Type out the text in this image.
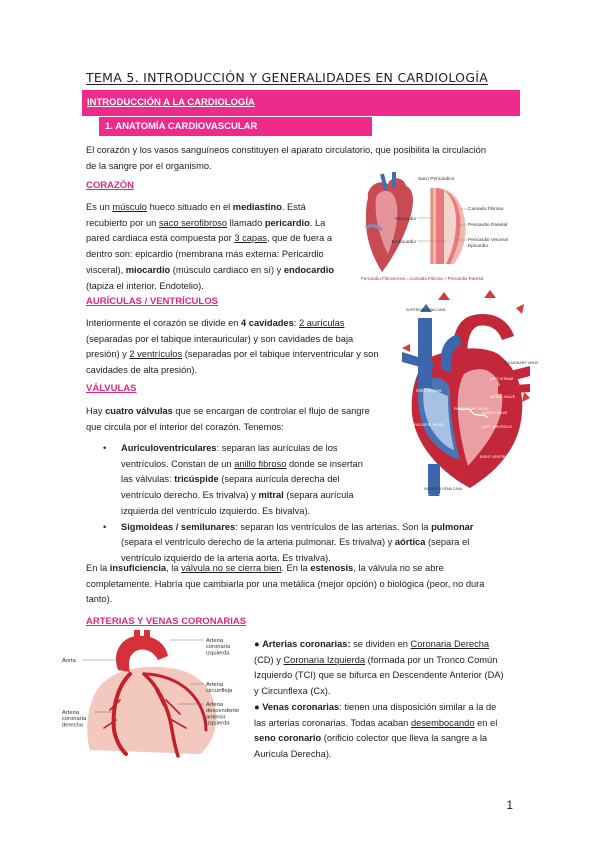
TEMA 5. INTRODUCCIÓN Y GENERALIDADES EN CARDIOLOGÍA
INTRODUCCIÓN A LA CARDIOLOGÍA
1. ANATOMÍA CARDIOVASCULAR
El corazón y los vasos sanguíneos constituyen el aparato circulatorio, que posibilita la circulación
de la sangre por el organismo.
CORAZÓN
Es un músculo hueco situado en el mediastino. Está
recubierto por un saco serofibroso llamado pericardio. La
pared cardiaca está compuesta por 3 capas, que de fuera a
dentro son: epicardio (membrana más externa: Pericardio
visceral), miocardio (músculo cardiaco en sí) y endocardio
(tapiza el interior. Endotelio).
AURÍCULAS / VENTRÍCULOS
Interiormente el corazón se divide en 4 cavidades: 2 aurículas
(separadas por el tabique interauricular) y son cavidades de baja
presión) y 2 ventrículos (separadas por el tabique interventricular y son
cavidades de alta presión).
VÁLVULAS
Hay cuatro válvulas que se encargan de controlar el flujo de sangre
que circula por el interior del corazón. Tenemos:
• Auriculoventriculares: separan las aurículas de los
ventrículos. Constan de un anillo fibroso donde se insertan
las válvulas: tricúspide (separa aurícula derecha del
ventrículo derecho. Es trivalva) y mitral (separa aurícula
izquierda del ventrículo izquierdo. Es bivalva).
• Sigmoideas / semilunares: separan los ventrículos de las arterias. Son la pulmonar
(separa el ventrículo derecho de la arteria pulmonar. Es trivalva) y aórtica (separa el
ventrículo izquierdo de la arteria aorta. Es trivalva).
En la insuficiencia, la válvula no se cierra bien. En la estenosis, la válvula no se abre
completamente. Habría que cambiarla por una metálica (mejor opción) o biológica (peor, no dura
tanto).
ARTERIAS Y VENAS CORONARIAS
● Arterias coronarias: se dividen en Coronaria Derecha
(CD) y Coronaria Izquierda (formada por un Tronco Común
Izquierdo (TCI) que se bifurca en Descendente Anterior (DA)
y Circunflexa (Cx).
● Venas coronarias: tienen una disposición similar a la de
las arterias coronarias. Todas acaban desembocando en el
seno coronario (orificio colector que lleva la sangre a la
Aurícula Derecha).
Saco Pericárdico
Miocardio
Endocardio
Camada Fibrosa
Pericardio Parietal
Pericardio Visceral
Epicardio
Pericardio Fibroseroso = Camada Fibrosa + Pericardio Parietal
SUPERIOR VENA CAVA
AORTA
PULMONARY ARTERY
PULMONARY VEINS
LEFT ATRIUM
RIGHT ATRIUM
MITRAL VALVE
PULMONARY VALVE
AORTIC VALVE
TRICUSPID VALVE	LEFT VENTRICLE
RIGHT VENTRICLE
INFERIOR VENA CAVA
Aorta
Arteria coronaria izquierda
Arteria circunfleja
Arteria coronaria derecha
Arteria descendente anterior izquierda
1
